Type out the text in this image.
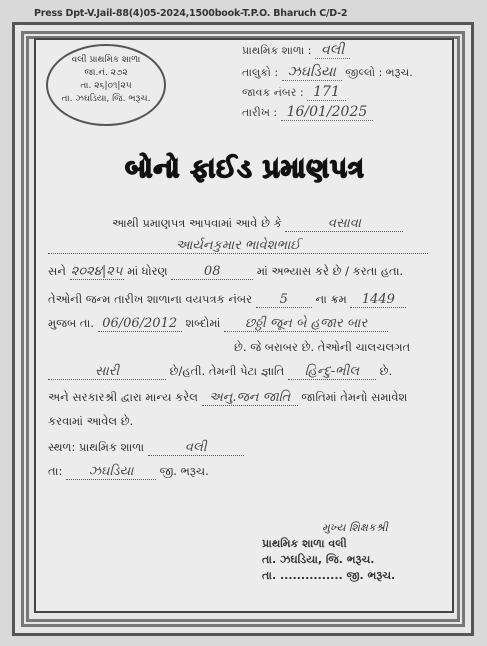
Press Dpt-V.Jail-88(4)05-2024,1500book-T.P.O. Bharuch C/D-2
વલી પ્રાથમિક શાળા
જા.નં. ૨૭૨
તા. ૨૬|૦૧|૨૫
તા. ઝઘડિયા, જિ. ભરૂચ.
પ્રાથમિક શાળા : વલી
તાલુકો : ઝઘડિયા જીલ્લો : ભરૂચ.
જાવક નંબર : 171
તારીખ : 16/01/2025
બોનો ફાઈડ પ્રમાણપત્ર
આથી પ્રમાણપત્ર આપવામાં આવે છે કે	વસાવા
આર્યનકુમાર ભાવેશભાઈ
સને ૨૦૨૪|૨૫ માં ધોરણ	08	માં અભ્યાસ કરે છે / કરતા હતા.
તેઓની જન્મ તારીખ શાળાના વયપત્રક નંબર 5 ના ક્રમ 1449
મુજબ તા. 06/06/2012 શબ્દોમાં છઠ્ઠી જૂન બે હજાર બાર
છે. જે બરાબર છે. તેઓની ચાલચલગત
સારી	છે/હતી. તેમની પેટા જ્ઞાતિ હિન્દુ-ભીલ છે.
અને સરકારશ્રી દ્વારા માન્ય કરેલ અનુ.જન જાતિ જાતિમાં તેમનો સમાવેશ
કરવામાં આવેલ છે.
સ્થળ: પ્રાથમિક શાળા	વલી
તા: ઝઘડિયા જી. ભરૂચ.
મુખ્ય શિક્ષકશ્રી
પ્રાથમિક શાળા વલી
તા. ઝઘડિયા, જિ. ભરૂચ.
તા. ............... જી. ભરૂચ.
